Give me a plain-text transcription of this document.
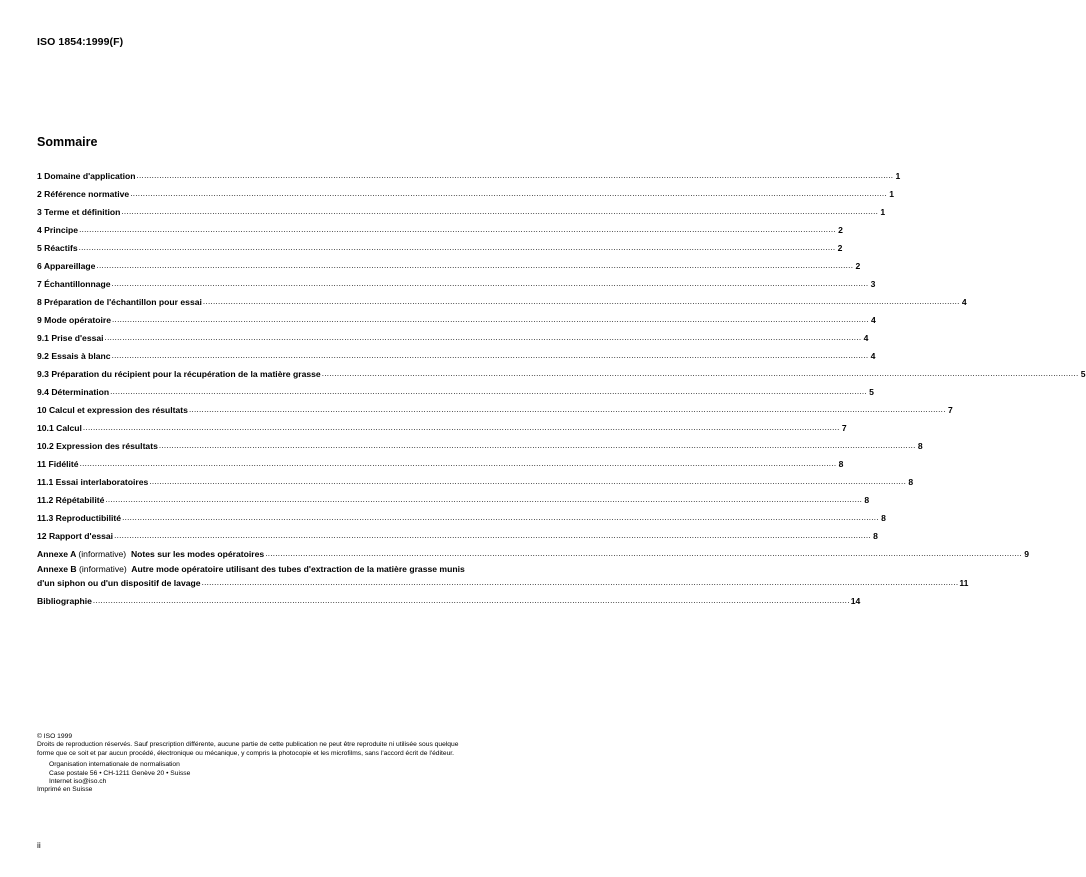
ISO 1854:1999(F)
Sommaire
1 Domaine d'application ............................................................................................................................................................................................................................................................................................................ 1
2 Référence normative ............................................................................................................................................................................................................................................................................................................ 1
3 Terme et définition ............................................................................................................................................................................................................................................................................................................ 1
4 Principe ............................................................................................................................................................................................................................................................................................................ 2
5 Réactifs ............................................................................................................................................................................................................................................................................................................ 2
6 Appareillage ............................................................................................................................................................................................................................................................................................................ 2
7 Échantillonnage ............................................................................................................................................................................................................................................................................................................ 3
8 Préparation de l'échantillon pour essai ............................................................................................................................................................................................................................................................................................................ 4
9 Mode opératoire ............................................................................................................................................................................................................................................................................................................ 4
9.1 Prise d'essai ............................................................................................................................................................................................................................................................................................................ 4
9.2 Essais à blanc ............................................................................................................................................................................................................................................................................................................ 4
9.3 Préparation du récipient pour la récupération de la matière grasse ............................................................................................................................................................................................................................................................................................................ 5
9.4 Détermination ............................................................................................................................................................................................................................................................................................................ 5
10 Calcul et expression des résultats ............................................................................................................................................................................................................................................................................................................ 7
10.1 Calcul ............................................................................................................................................................................................................................................................................................................ 7
10.2 Expression des résultats ............................................................................................................................................................................................................................................................................................................ 8
11 Fidélité ............................................................................................................................................................................................................................................................................................................ 8
11.1 Essai interlaboratoires ............................................................................................................................................................................................................................................................................................................ 8
11.2 Répétabilité ............................................................................................................................................................................................................................................................................................................ 8
11.3 Reproductibilité ............................................................................................................................................................................................................................................................................................................ 8
12 Rapport d'essai ............................................................................................................................................................................................................................................................................................................ 8
Annexe A (informative) Notes sur les modes opératoires ............................................................................................................................................................................................................................................................................................................ 9
Annexe B (informative) Autre mode opératoire utilisant des tubes d'extraction de la matière grasse munis
d'un siphon ou d'un dispositif de lavage ............................................................................................................................................................................................................................................................................................................ 11
Bibliographie ............................................................................................................................................................................................................................................................................................................ 14
© ISO 1999
Droits de reproduction réservés. Sauf prescription différente, aucune partie de cette publication ne peut être reproduite ni utilisée sous quelque
forme que ce soit et par aucun procédé, électronique ou mécanique, y compris la photocopie et les microfilms, sans l'accord écrit de l'éditeur.
Organisation internationale de normalisation
Case postale 56 • CH-1211 Genève 20 • Suisse
Internet iso@iso.ch
Imprimé en Suisse
ii
